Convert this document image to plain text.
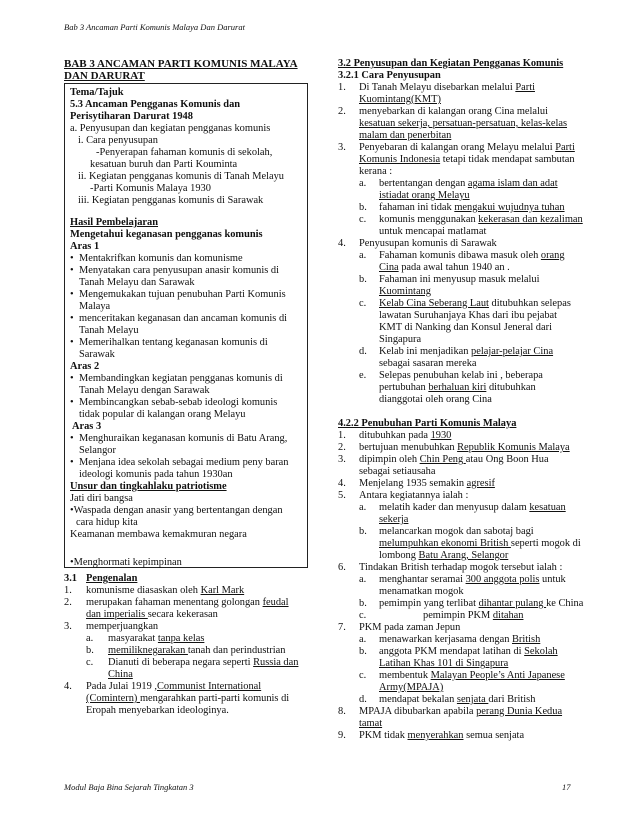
Bab 3 Ancaman Parti Komunis Malaya Dan Darurat
BAB 3 ANCAMAN PARTI KOMUNIS MALAYA
DAN DARURAT
Tema/Tajuk
5.3 Ancaman Pengganas Komunis dan
Perisytiharan Darurat 1948
a. Penyusupan dan kegiatan pengganas komunis
i. Cara penyusupan
-Penyerapan fahaman komunis di sekolah,
kesatuan buruh dan Parti Kouminta
ii. Kegiatan pengganas komunis di Tanah Melayu
-Parti Komunis Malaya 1930
iii. Kegiatan pengganas komunis di Sarawak
Hasil Pembelajaran
Mengetahui keganasan pengganas komunis
Aras 1
• Mentakrifkan komunis dan komunisme
• Menyatakan cara penyusupan anasir komunis di
Tanah Melayu dan Sarawak
• Mengemukakan tujuan penubuhan Parti Komunis
Malaya
• menceritakan keganasan dan ancaman komunis di
Tanah Melayu
• Memerihalkan tentang keganasan komunis di
Sarawak
Aras 2
• Membandingkan kegiatan pengganas komunis di
Tanah Melayu dengan Sarawak
• Membincangkan sebab-sebab ideologi komunis
tidak popular di kalangan orang Melayu
Aras 3
• Menghuraikan keganasan komunis di Batu Arang,
Selangor
• Menjana idea sekolah sebagai medium peny baran
ideologi komunis pada tahun 1930an
Unsur dan tingkahlaku patriotisme
Jati diri bangsa
•Waspada dengan anasir yang bertentangan dengan
cara hidup kita
Keamanan membawa kemakmuran negara
•Menghormati kepimpinan
3.1 Pengenalan
1. komunisme diasaskan oleh Karl Mark
2. merupakan fahaman menentang golongan feudal
dan imperialis secara kekerasan
3. memperjuangkan
a. masyarakat tanpa kelas
b. memiliknegarakan tanah dan perindustrian
c. Dianuti di beberapa negara seperti Russia dan
China
4. Pada Julai 1919 ,Communist International
(Comintern) mengarahkan parti-parti komunis di
Eropah menyebarkan ideologinya.
3.2 Penyusupan dan Kegiatan Pengganas Komunis
3.2.1 Cara Penyusupan
1. Di Tanah Melayu disebarkan melalui Parti
Kuomintang(KMT)
2. menyebarkan di kalangan orang Cina melalui
kesatuan sekerja, persatuan-persatuan, kelas-kelas
malam dan penerbitan
3. Penyebaran di kalangan orang Melayu melalui Parti
Komunis Indonesia tetapi tidak mendapat sambutan
kerana :
a. bertentangan dengan agama islam dan adat
istiadat orang Melayu
b. fahaman ini tidak mengakui wujudnya tuhan
c. komunis menggunakan kekerasan dan kezaliman
untuk mencapai matlamat
4. Penyusupan komunis di Sarawak
a. Fahaman komunis dibawa masuk oleh orang
Cina pada awal tahun 1940 an .
b. Fahaman ini menyusup masuk melalui
Kuomintang
c. Kelab Cina Seberang Laut ditubuhkan selepas
lawatan Suruhanjaya Khas dari ibu pejabat
KMT di Nanking dan Konsul Jeneral dari
Singapura
d. Kelab ini menjadikan pelajar-pelajar Cina
sebagai sasaran mereka
e. Selepas penubuhan kelab ini , beberapa
pertubuhan berhaluan kiri ditubuhkan
dianggotai oleh orang Cina
4.2.2 Penubuhan Parti Komunis Malaya
1. ditubuhkan pada 1930
2. bertujuan menubuhkan Republik Komunis Malaya
3. dipimpin oleh Chin Peng atau Ong Boon Hua
sebagai setiausaha
4. Menjelang 1935 semakin agresif
5. Antara kegiatannya ialah :
a. melatih kader dan menyusup dalam kesatuan
sekerja
b. melancarkan mogok dan sabotaj bagi
melumpuhkan ekonomi British seperti mogok di
lombong Batu Arang, Selangor
6. Tindakan British terhadap mogok tersebut ialah :
a. menghantar seramai 300 anggota polis untuk
menamatkan mogok
b. pemimpin yang terlibat dihantar pulang ke China
c.	pemimpin PKM ditahan
7. PKM pada zaman Jepun
a. menawarkan kerjasama dengan British
b. anggota PKM mendapat latihan di Sekolah
Latihan Khas 101 di Singapura
c. membentuk Malayan People’s Anti Japanese
Army(MPAJA)
d. mendapat bekalan senjata dari British
8. MPAJA dibubarkan apabila perang Dunia Kedua
tamat
9. PKM tidak menyerahkan semua senjata
Modul Baja Bina Sejarah Tingkatan 3	17
